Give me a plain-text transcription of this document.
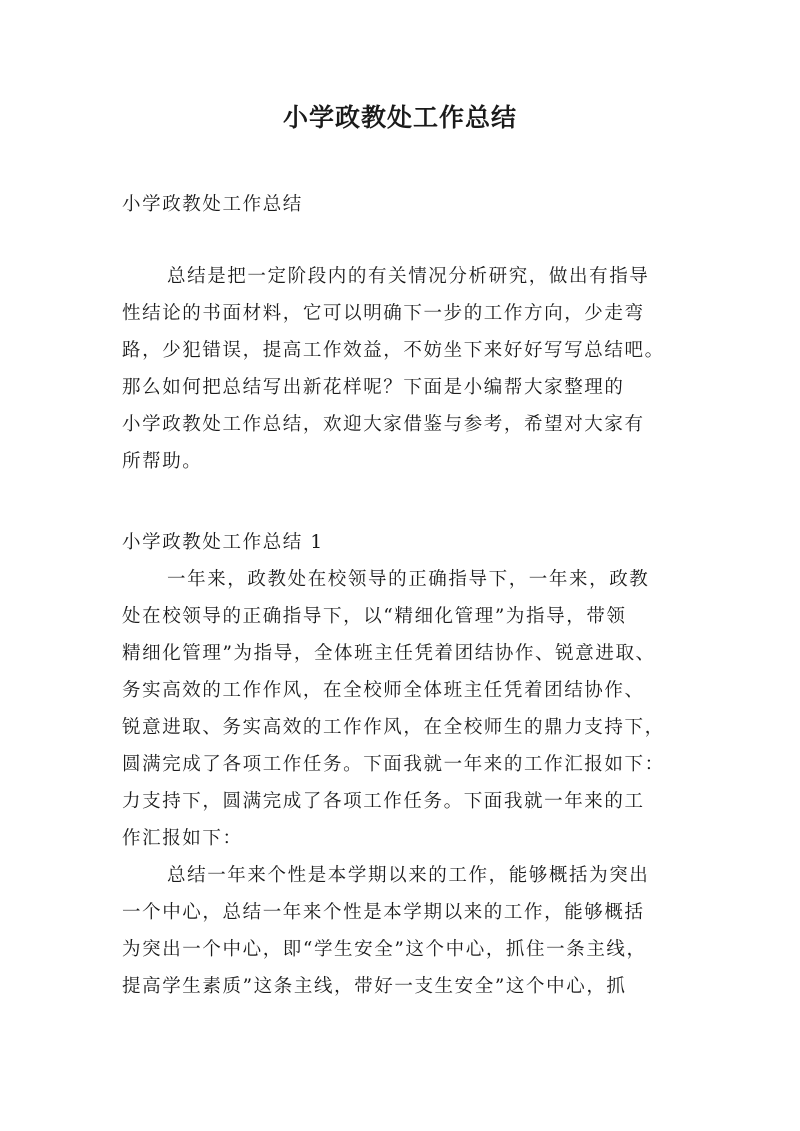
小学政教处工作总结
小学政教处工作总结
总结是把一定阶段内的有关情况分析研究，做出有指导
性结论的书面材料，它可以明确下一步的工作方向，少走弯
路，少犯错误，提高工作效益，不妨坐下来好好写写总结吧。
那么如何把总结写出新花样呢？下面是小编帮大家整理的
小学政教处工作总结，欢迎大家借鉴与参考，希望对大家有
所帮助。
小学政教处工作总结 1
一年来，政教处在校领导的正确指导下，一年来，政教
处在校领导的正确指导下，以“精细化管理”为指导，带领
精细化管理”为指导，全体班主任凭着团结协作、锐意进取、
务实高效的工作作风，在全校师全体班主任凭着团结协作、
锐意进取、务实高效的工作作风，在全校师生的鼎力支持下，
圆满完成了各项工作任务。下面我就一年来的工作汇报如下：
力支持下，圆满完成了各项工作任务。下面我就一年来的工
作汇报如下：
总结一年来个性是本学期以来的工作，能够概括为突出
一个中心，总结一年来个性是本学期以来的工作，能够概括
为突出一个中心，即“学生安全”这个中心，抓住一条主线，
提高学生素质”这条主线，带好一支生安全”这个中心，抓
